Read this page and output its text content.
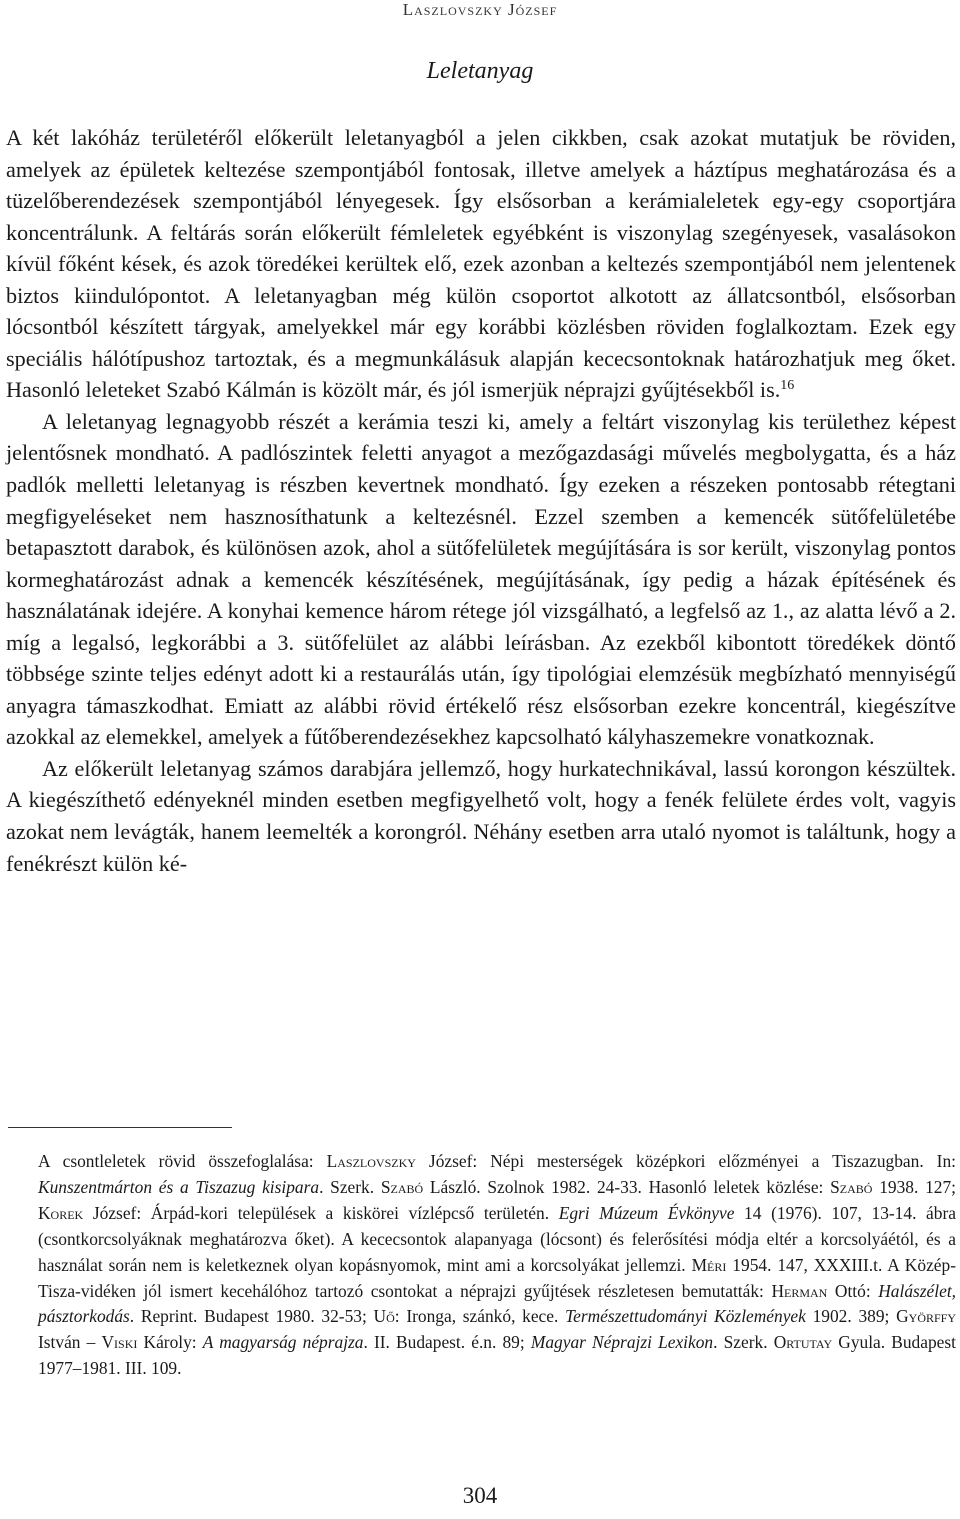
Laszlovszky József
Leletanyag

A két lakóház területéről előkerült leletanyagból a jelen cikkben, csak azokat mutatjuk be röviden, amelyek az épületek keltezése szempontjából fontosak, illetve amelyek a háztípus meghatározása és a tüzelőberendezések szempontjából lényegesek. Így elsősorban a kerámialeletek egy-egy csoportjára koncentrálunk. A feltárás során előkerült fémleletek egyébként is viszonylag szegényesek, vasalásokon kívül főként kések, és azok töredékei kerültek elő, ezek azonban a keltezés szempontjából nem jelentenek biztos kiindulópontot. A leletanyagban még külön csoportot alkotott az állatcsontból, elsősorban lócsontból készített tárgyak, amelyekkel már egy korábbi közlésben röviden foglalkoztam. Ezek egy speciális hálótípushoz tartoztak, és a megmunkálásuk alapján kececsontoknak határozhatjuk meg őket. Hasonló leleteket Szabó Kálmán is közölt már, és jól ismerjük néprajzi gyűjtésekből is.$^{16}$

A leletanyag legnagyobb részét a kerámia teszi ki, amely a feltárt viszonylag kis területhez képest jelentősnek mondható. A padlószintek feletti anyagot a mezőgazdasági művelés megbolygatta, és a ház padlók melletti leletanyag is részben kevertnek mondható. Így ezeken a részeken pontosabb rétegtani megfigyeléseket nem hasznosíthatunk a keltezésnél. Ezzel szemben a kemencék sütőfelületébe betapasztott darabok, és különösen azok, ahol a sütőfelületek megújítására is sor került, viszonylag pontos kormeghatározást adnak a kemencék készítésének, megújításának, így pedig a házak építésének és használatának idejére. A konyhai kemence három rétege jól vizsgálható, a legfelső az 1., az alatta lévő a 2. míg a legalsó, legkorábbi a 3. sütőfelület az alábbi leírásban. Az ezekből kibontott töredékek döntő többsége szinte teljes edényt adott ki a restaurálás után, így tipológiai elemzésük megbízható mennyiségű anyagra támaszkodhat. Emiatt az alábbi rövid értékelő rész elsősorban ezekre koncentrál, kiegészítve azokkal az elemekkel, amelyek a fűtőberendezésekhez kapcsolható kályhaszemekre vonatkoznak.

Az előkerült leletanyag számos darabjára jellemző, hogy hurkatechnikával, lassú korongon készültek. A kiegészíthető edényeknél minden esetben megfigyelhető volt, hogy a fenék felülete érdes volt, vagyis azokat nem levágták, hanem leemelték a korongról. Néhány esetben arra utaló nyomot is találtunk, hogy a fenékrészt külön ké-

A csontleletek rövid összefoglalása: Laszlovszky József: Népi mesterségek középkori előzményei a Tiszazugban. In: Kunszentmárton és a Tiszazug kisipara. Szerk. Szabó László. Szolnok 1982. 24-33. Hasonló leletek közlése: Szabó 1938. 127; Korek József: Árpád-kori települések a kiskörei vízlépcső területén. Egri Múzeum Évkönyve 14 (1976). 107, 13-14. ábra (csontkorcsolyáknak meghatározva őket). A kececsontok alapanyaga (lócsont) és felerősítési módja eltér a korcsolyáétól, és a használat során nem is keletkeznek olyan kopásnyomok, mint ami a korcsolyákat jellemzi. Méri 1954. 147, XXXIII.t. A Közép-Tisza-vidéken jól ismert kecehálóhoz tartozó csontokat a néprajzi gyűjtések részletesen bemutatták: Herman Ottó: Halászélet, pásztorkodás. Reprint. Budapest 1980. 32-53; Uő: Ironga, szánkó, kece. Természettudományi Közlemények 1902. 389; Györffy István – Viski Károly: A magyarság néprajza. II. Budapest. é.n. 89; Magyar Néprajzi Lexikon. Szerk. Ortutay Gyula. Budapest 1977–1981. III. 109.
304
